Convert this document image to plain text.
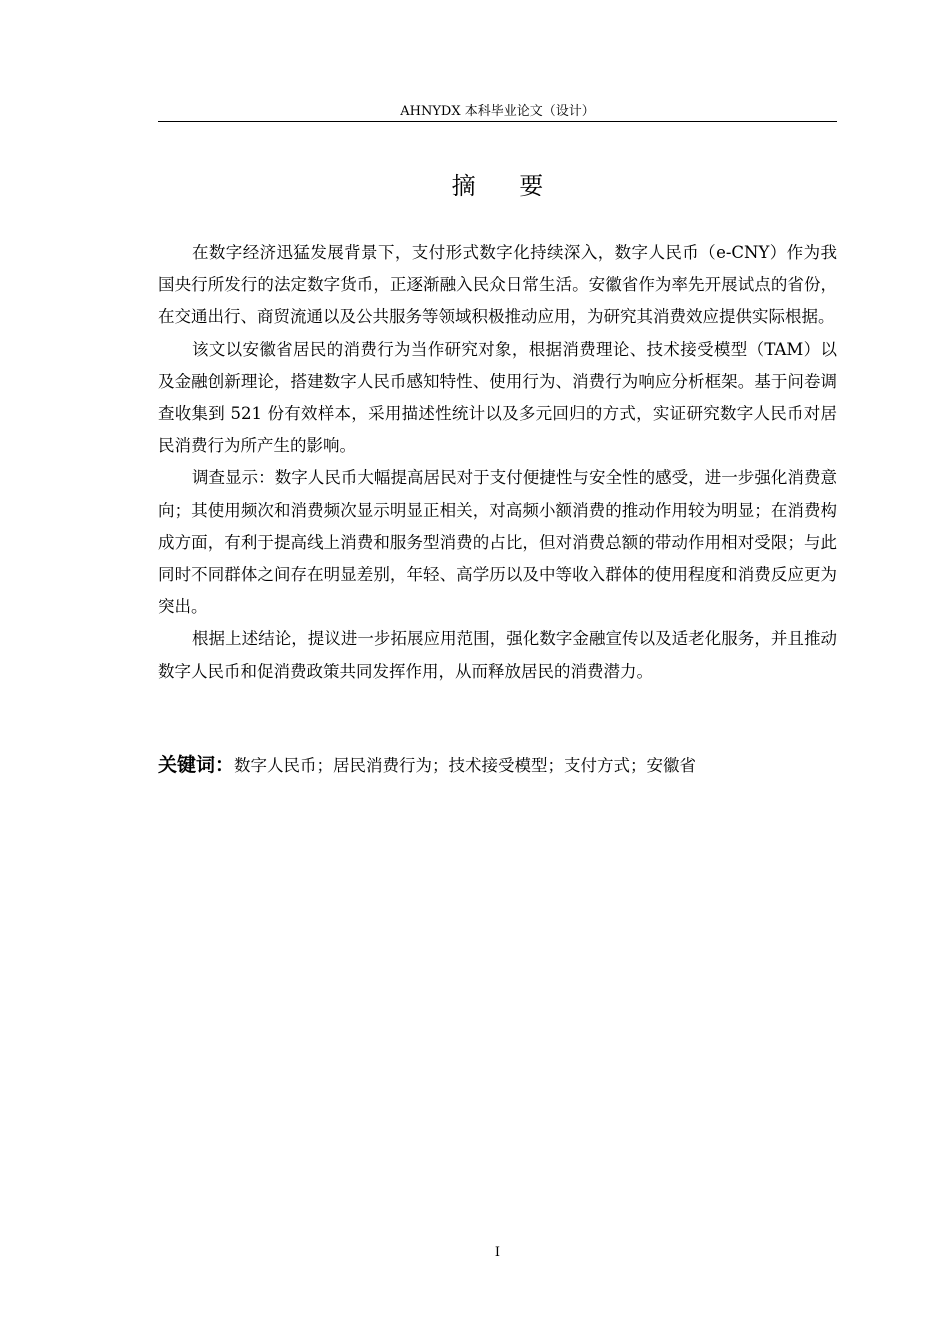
AHNYDX 本科毕业论文（设计）
摘 要

在数字经济迅猛发展背景下，支付形式数字化持续深入，数字人民币（e-CNY）作为我国央行所发行的法定数字货币，正逐渐融入民众日常生活。安徽省作为率先开展试点的省份，在交通出行、商贸流通以及公共服务等领域积极推动应用，为研究其消费效应提供实际根据。

该文以安徽省居民的消费行为当作研究对象，根据消费理论、技术接受模型（TAM）以及金融创新理论，搭建数字人民币感知特性、使用行为、消费行为响应分析框架。基于问卷调查收集到 521 份有效样本，采用描述性统计以及多元回归的方式，实证研究数字人民币对居民消费行为所产生的影响。

调查显示：数字人民币大幅提高居民对于支付便捷性与安全性的感受，进一步强化消费意向；其使用频次和消费频次显示明显正相关，对高频小额消费的推动作用较为明显；在消费构成方面，有利于提高线上消费和服务型消费的占比，但对消费总额的带动作用相对受限；与此同时不同群体之间存在明显差别，年轻、高学历以及中等收入群体的使用程度和消费反应更为突出。

根据上述结论，提议进一步拓展应用范围，强化数字金融宣传以及适老化服务，并且推动数字人民币和促消费政策共同发挥作用，从而释放居民的消费潜力。

关键词：数字人民币；居民消费行为；技术接受模型；支付方式；安徽省
I
